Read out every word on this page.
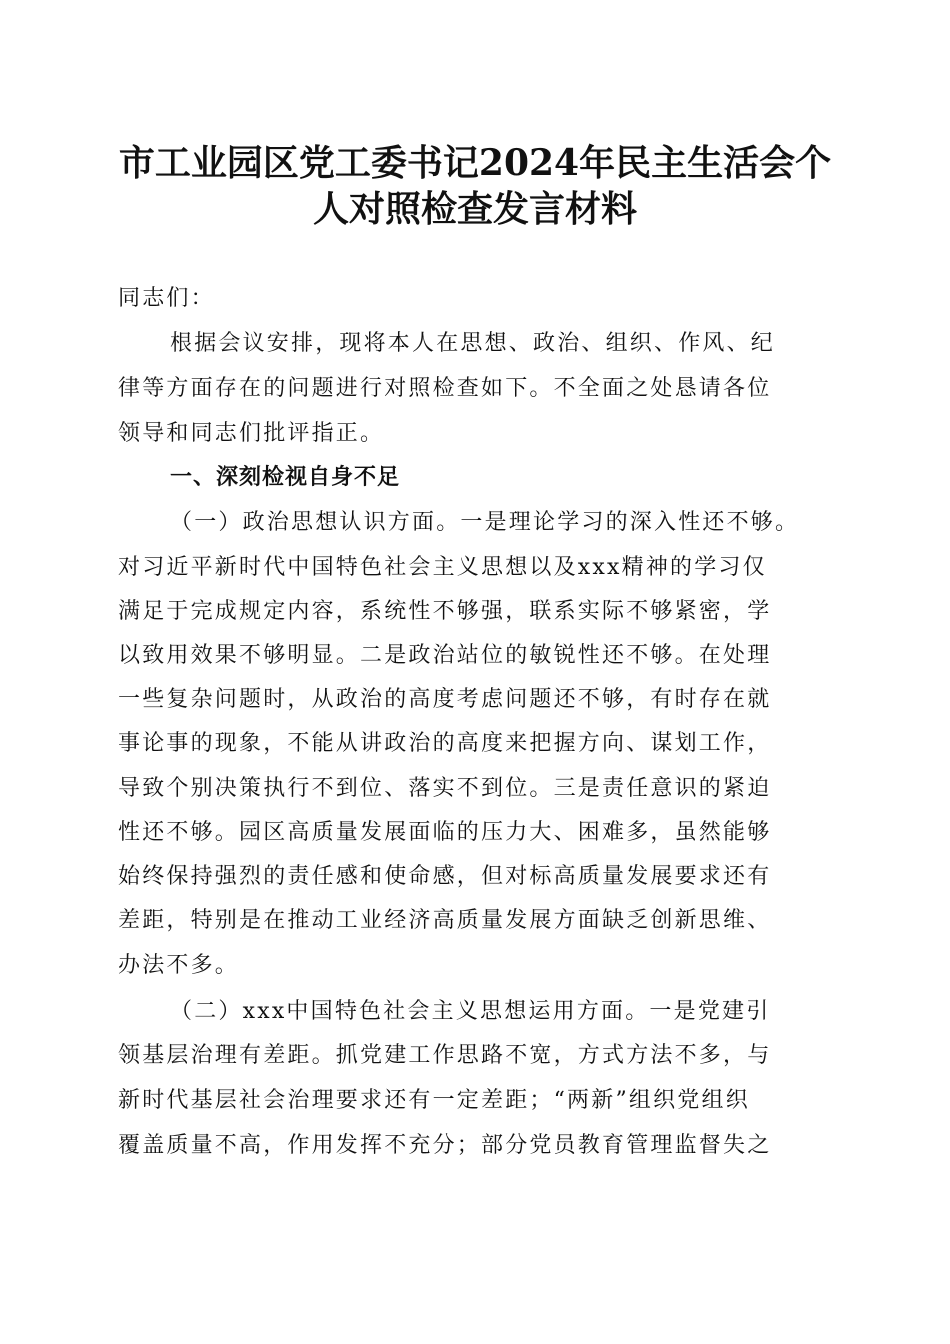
市工业园区党工委书记2024年民主生活会个
人对照检查发言材料
同志们：
根据会议安排，现将本人在思想、政治、组织、作风、纪
律等方面存在的问题进行对照检查如下。不全面之处恳请各位
领导和同志们批评指正。
一、深刻检视自身不足
（一）政治思想认识方面。一是理论学习的深入性还不够。
对习近平新时代中国特色社会主义思想以及xxx精神的学习仅
满足于完成规定内容，系统性不够强，联系实际不够紧密，学
以致用效果不够明显。二是政治站位的敏锐性还不够。在处理
一些复杂问题时，从政治的高度考虑问题还不够，有时存在就
事论事的现象，不能从讲政治的高度来把握方向、谋划工作，
导致个别决策执行不到位、落实不到位。三是责任意识的紧迫
性还不够。园区高质量发展面临的压力大、困难多，虽然能够
始终保持强烈的责任感和使命感，但对标高质量发展要求还有
差距，特别是在推动工业经济高质量发展方面缺乏创新思维、
办法不多。
（二）xxx中国特色社会主义思想运用方面。一是党建引
领基层治理有差距。抓党建工作思路不宽，方式方法不多，与
新时代基层社会治理要求还有一定差距；“两新”组织党组织
覆盖质量不高，作用发挥不充分；部分党员教育管理监督失之
